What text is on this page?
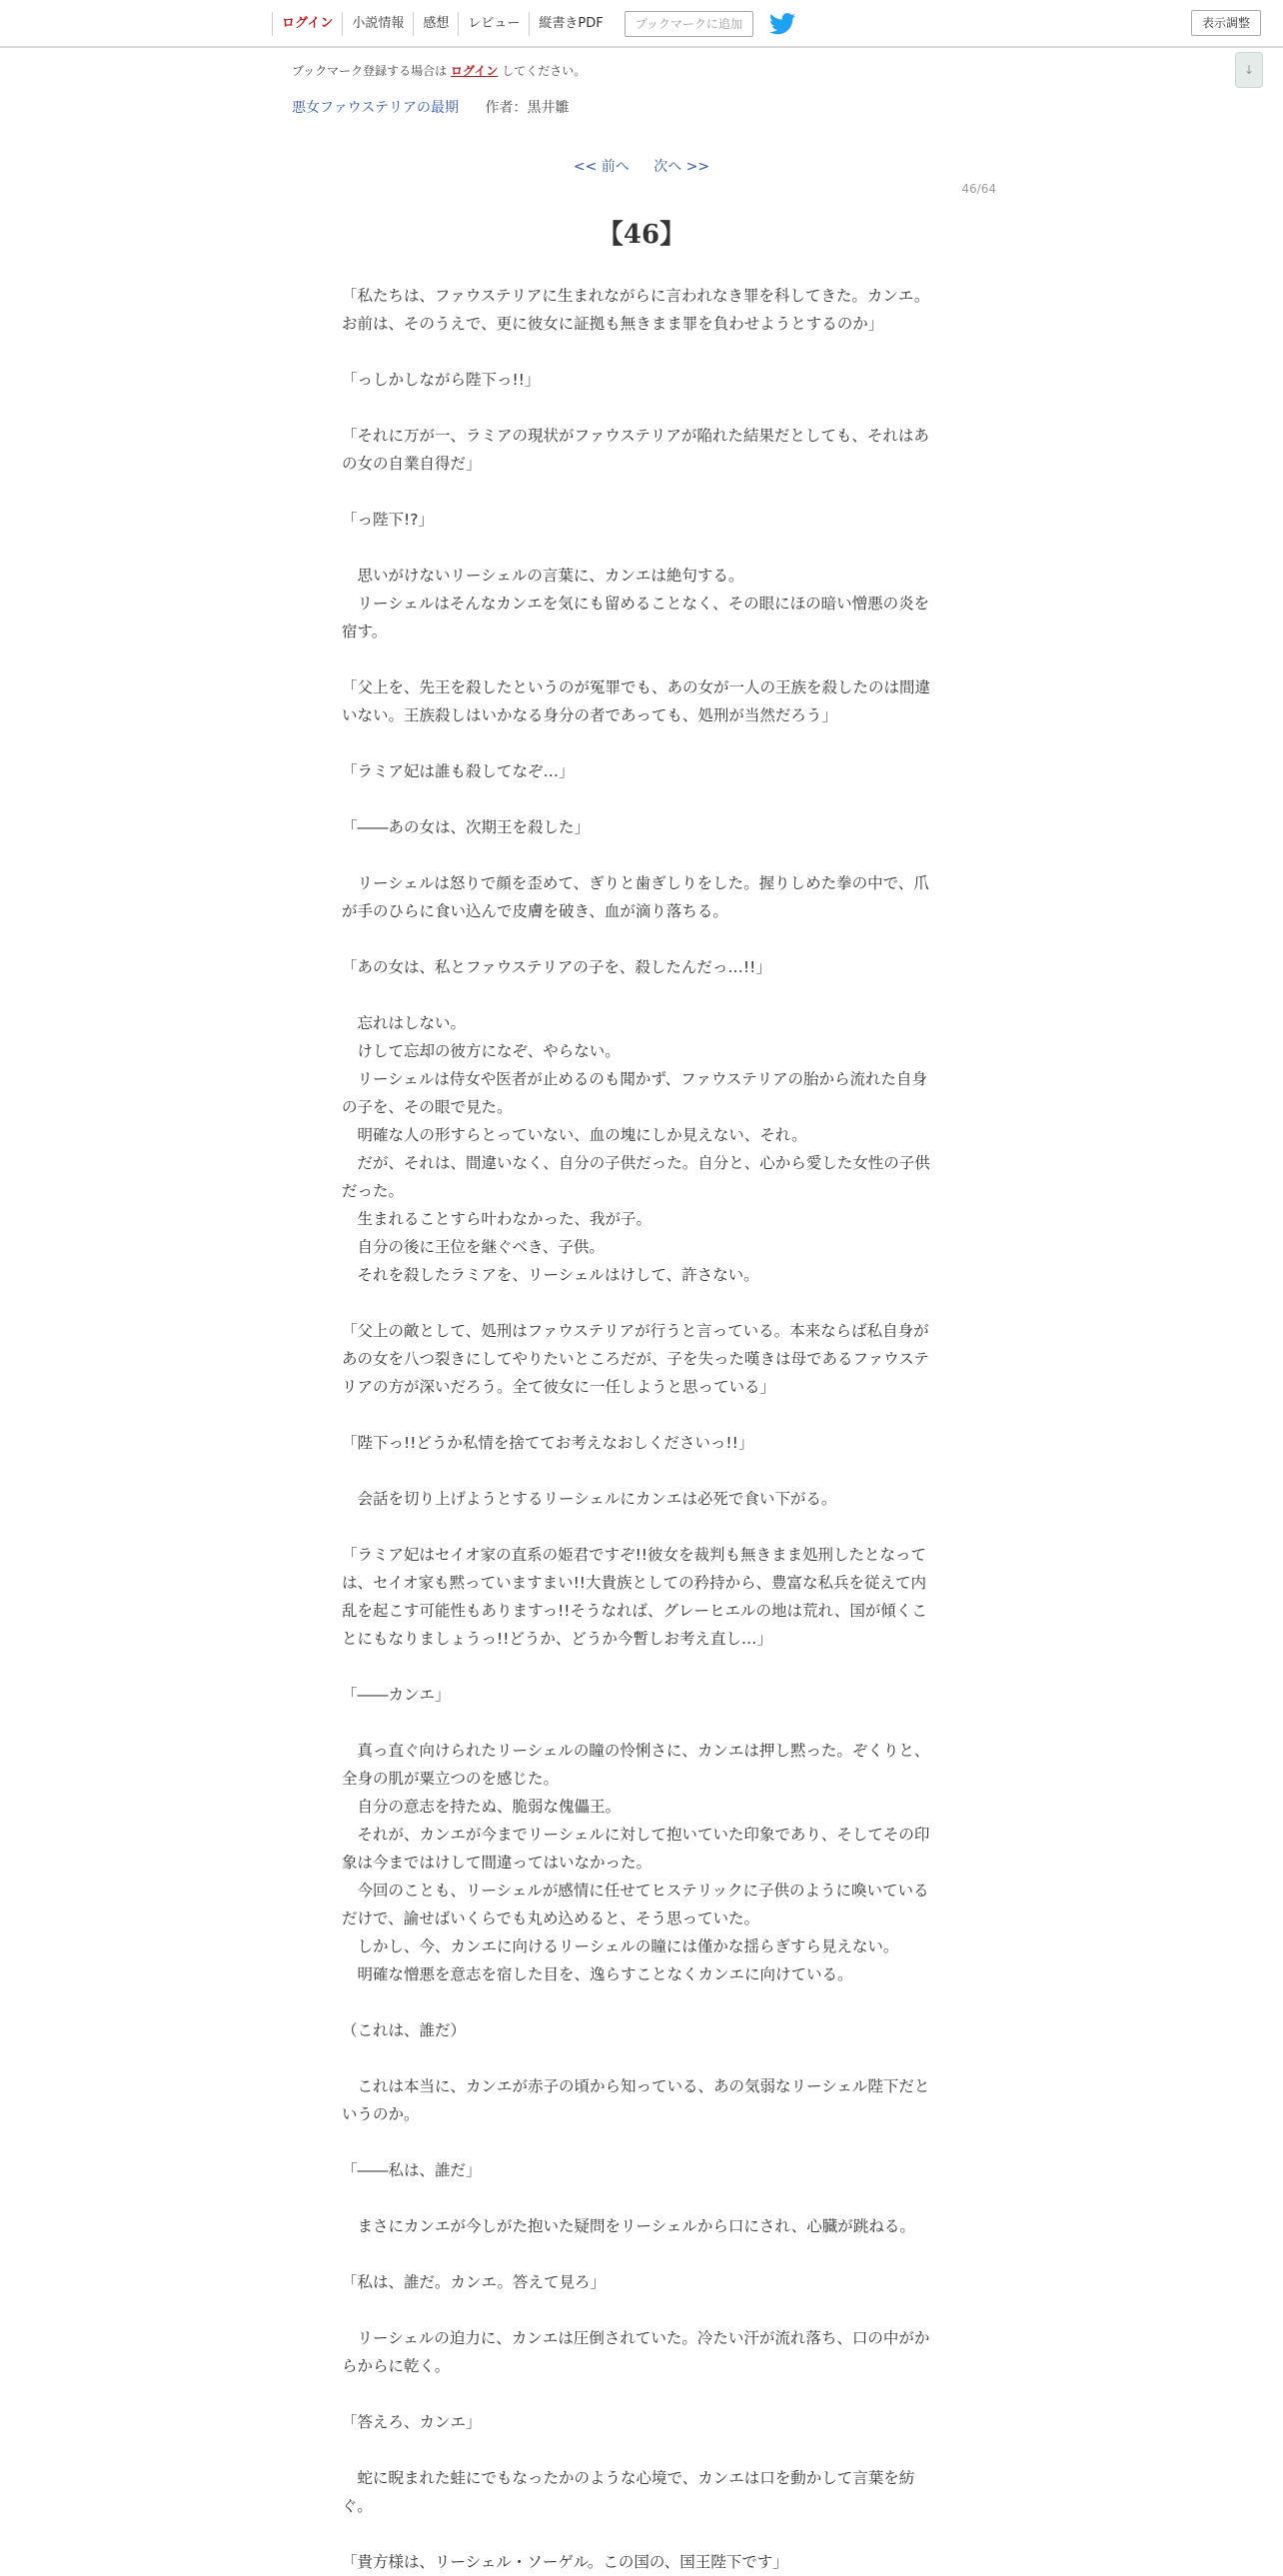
ログイン	小説情報	感想	レビュー	縦書きPDF	ブックマークに追加	表示調整
↓
ブックマーク登録する場合は ログイン してください。
悪女ファウステリアの最期 作者：黒井雛
<< 前へ 次へ >>
46/64
【46】

「私たちは、ファウステリアに生まれながらに言われなき罪を科してきた。カンエ。お前は、そのうえで、更に彼女に証拠も無きまま罪を負わせようとするのか」

「っしかしながら陛下っ!!」

「それに万が一、ラミアの現状がファウステリアが陥れた結果だとしても、それはあの女の自業自得だ」

「っ陛下!?」

　思いがけないリーシェルの言葉に、カンエは絶句する。

　リーシェルはそんなカンエを気にも留めることなく、その眼にほの暗い憎悪の炎を宿す。

「父上を、先王を殺したというのが冤罪でも、あの女が一人の王族を殺したのは間違いない。王族殺しはいかなる身分の者であっても、処刑が当然だろう」

「ラミア妃は誰も殺してなぞ…」

「――あの女は、次期王を殺した」

　リーシェルは怒りで顔を歪めて、ぎりと歯ぎしりをした。握りしめた拳の中で、爪が手のひらに食い込んで皮膚を破き、血が滴り落ちる。

「あの女は、私とファウステリアの子を、殺したんだっ…!!」

　忘れはしない。

　けして忘却の彼方になぞ、やらない。

　リーシェルは侍女や医者が止めるのも聞かず、ファウステリアの胎から流れた自身の子を、その眼で見た。

　明確な人の形すらとっていない、血の塊にしか見えない、それ。

　だが、それは、間違いなく、自分の子供だった。自分と、心から愛した女性の子供だった。

　生まれることすら叶わなかった、我が子。

　自分の後に王位を継ぐべき、子供。

　それを殺したラミアを、リーシェルはけして、許さない。

「父上の敵として、処刑はファウステリアが行うと言っている。本来ならば私自身があの女を八つ裂きにしてやりたいところだが、子を失った嘆きは母であるファウステリアの方が深いだろう。全て彼女に一任しようと思っている」

「陛下っ!!どうか私情を捨ててお考えなおしくださいっ!!」

　会話を切り上げようとするリーシェルにカンエは必死で食い下がる。

「ラミア妃はセイオ家の直系の姫君ですぞ!!彼女を裁判も無きまま処刑したとなっては、セイオ家も黙っていますまい!!大貴族としての矜持から、豊富な私兵を従えて内乱を起こす可能性もありますっ!!そうなれば、グレーヒエルの地は荒れ、国が傾くことにもなりましょうっ!!どうか、どうか今暫しお考え直し…」

「――カンエ」

　真っ直ぐ向けられたリーシェルの瞳の怜悧さに、カンエは押し黙った。ぞくりと、全身の肌が粟立つのを感じた。

　自分の意志を持たぬ、脆弱な傀儡王。

　それが、カンエが今までリーシェルに対して抱いていた印象であり、そしてその印象は今まではけして間違ってはいなかった。

　今回のことも、リーシェルが感情に任せてヒステリックに子供のように喚いているだけで、諭せばいくらでも丸め込めると、そう思っていた。

　しかし、今、カンエに向けるリーシェルの瞳には僅かな揺らぎすら見えない。

　明確な憎悪を意志を宿した目を、逸らすことなくカンエに向けている。

（これは、誰だ）

　これは本当に、カンエが赤子の頃から知っている、あの気弱なリーシェル陛下だというのか。

「――私は、誰だ」

　まさにカンエが今しがた抱いた疑問をリーシェルから口にされ、心臓が跳ねる。

「私は、誰だ。カンエ。答えて見ろ」

　リーシェルの迫力に、カンエは圧倒されていた。冷たい汗が流れ落ち、口の中がからからに乾く。

「答えろ、カンエ」

　蛇に睨まれた蛙にでもなったかのような心境で、カンエは口を動かして言葉を紡ぐ。

「貴方様は、リーシェル・ソーゲル。この国の、国王陛下です」
